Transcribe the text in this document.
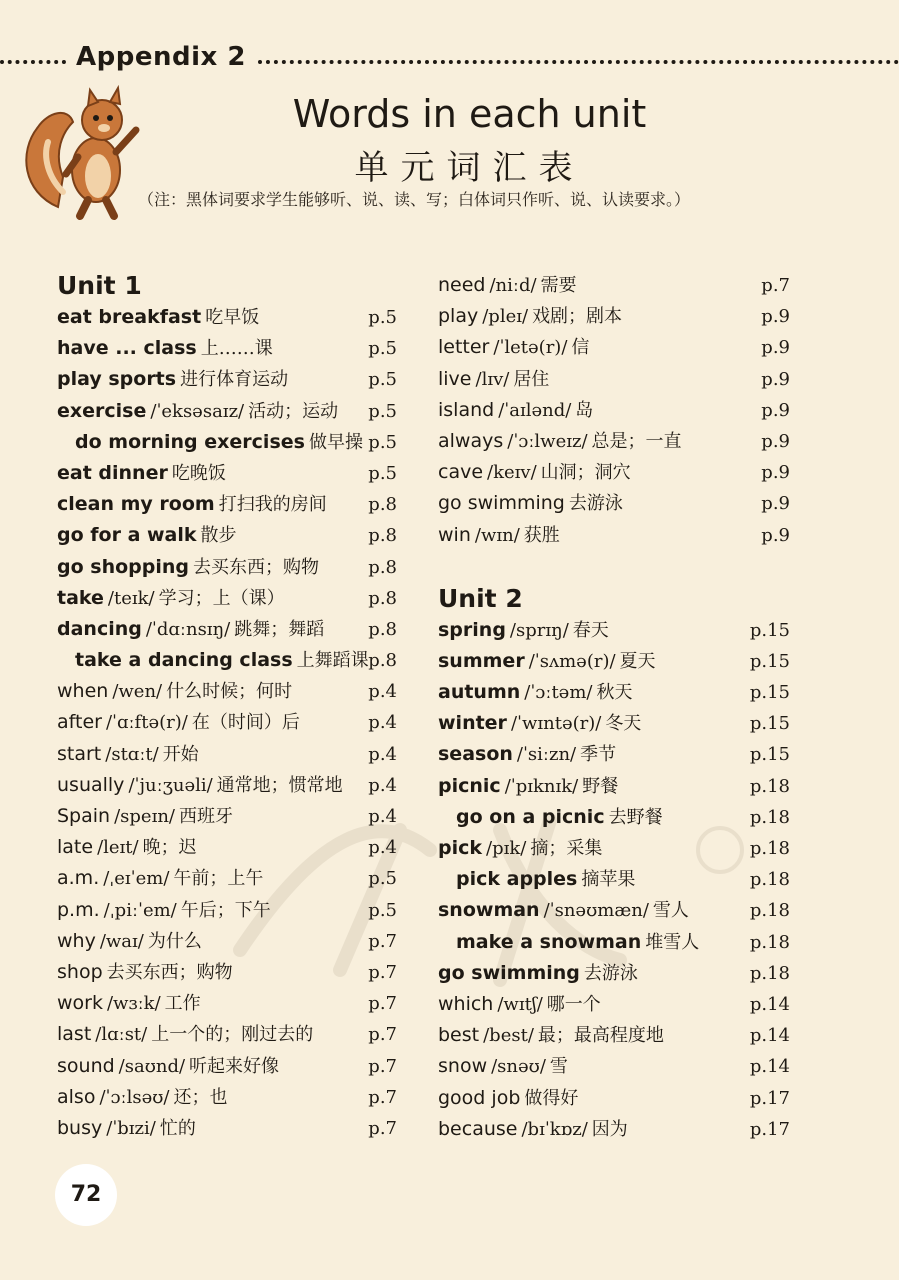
Appendix 2
Words in each unit
单元词汇表
（注：黑体词要求学生能够听、说、读、写；白体词只作听、说、认读要求。）
Unit 1
eat breakfast 吃早饭	p.5
have ... class 上……课	p.5
play sports 进行体育运动	p.5
exercise /ˈeksəsaɪz/ 活动；运动 p.5
do morning exercises 做早操 p.5
eat dinner 吃晚饭	p.5
clean my room 打扫我的房间 p.8
go for a walk 散步	p.8
go shopping 去买东西；购物	p.8
take /teɪk/ 学习；上（课）	p.8
dancing /ˈdɑːnsɪŋ/ 跳舞；舞蹈 p.8
take a dancing class 上舞蹈课 p.8
when /wen/ 什么时候；何时	p.4
after /ˈɑːftə(r)/ 在（时间）后	p.4
start /stɑːt/ 开始	p.4
usually /ˈjuːʒuəli/ 通常地；惯常地 p.4
Spain /speɪn/ 西班牙	p.4
late /leɪt/ 晚；迟	p.4
a.m. /ˌeɪˈem/ 午前；上午	p.5
p.m. /ˌpiːˈem/ 午后；下午	p.5
why /waɪ/ 为什么	p.7
shop 去买东西；购物	p.7
work /wɜːk/ 工作	p.7
last /lɑːst/ 上一个的；刚过去的	p.7
sound /saʊnd/ 听起来好像	p.7
also /ˈɔːlsəʊ/ 还；也	p.7
busy /ˈbɪzi/ 忙的	p.7
need /niːd/ 需要	p.7
play /pleɪ/ 戏剧；剧本	p.9
letter /ˈletə(r)/ 信	p.9
live /lɪv/ 居住	p.9
island /ˈaɪlənd/ 岛	p.9
always /ˈɔːlweɪz/ 总是；一直	p.9
cave /keɪv/ 山洞；洞穴	p.9
go swimming 去游泳	p.9
win /wɪn/ 获胜	p.9
Unit 2
spring /sprɪŋ/ 春天	p.15
summer /ˈsʌmə(r)/ 夏天	p.15
autumn /ˈɔːtəm/ 秋天	p.15
winter /ˈwɪntə(r)/ 冬天	p.15
season /ˈsiːzn/ 季节	p.15
picnic /ˈpɪknɪk/ 野餐	p.18
go on a picnic 去野餐	p.18
pick /pɪk/ 摘；采集	p.18
pick apples 摘苹果	p.18
snowman /ˈsnəʊmæn/ 雪人	p.18
make a snowman 堆雪人	p.18
go swimming 去游泳	p.18
which /wɪtʃ/ 哪一个	p.14
best /best/ 最；最高程度地	p.14
snow /snəʊ/ 雪	p.14
good job 做得好	p.17
because /bɪˈkɒz/ 因为	p.17
72
